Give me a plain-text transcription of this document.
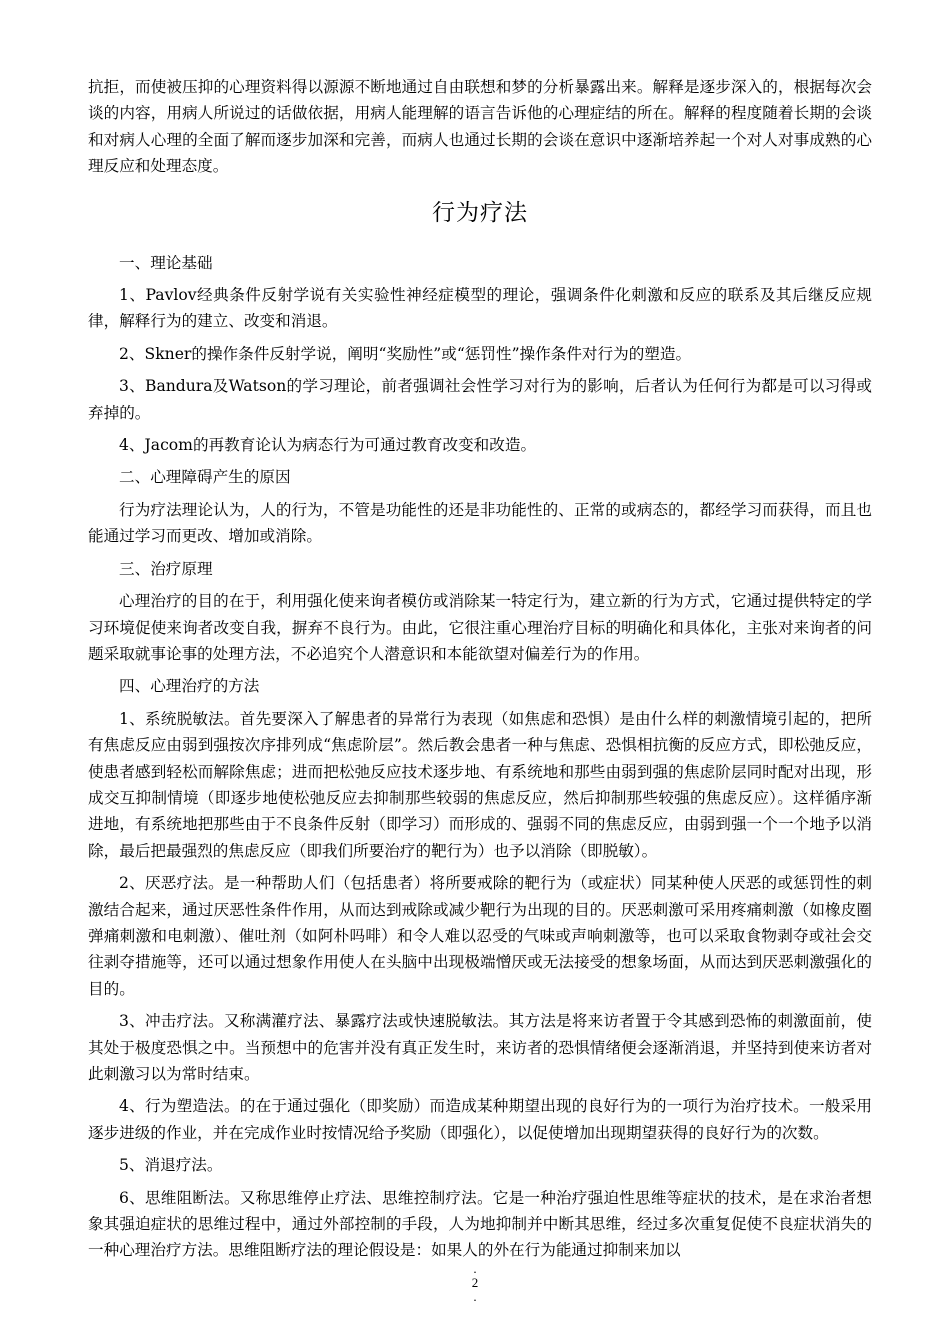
抗拒，而使被压抑的心理资料得以源源不断地通过自由联想和梦的分析暴露出来。解释是逐步深入的，根据每次会谈的内容，用病人所说过的话做依据，用病人能理解的语言告诉他的心理症结的所在。解释的程度随着长期的会谈和对病人心理的全面了解而逐步加深和完善，而病人也通过长期的会谈在意识中逐渐培养起一个对人对事成熟的心理反应和处理态度。

行为疗法

一、理论基础

1、Pavlov经典条件反射学说有关实验性神经症模型的理论，强调条件化刺激和反应的联系及其后继反应规律，解释行为的建立、改变和消退。

2、Skner的操作条件反射学说，阐明“奖励性”或“惩罚性”操作条件对行为的塑造。

3、Bandura及Watson的学习理论，前者强调社会性学习对行为的影响，后者认为任何行为都是可以习得或弃掉的。

4、Jacom的再教育论认为病态行为可通过教育改变和改造。

二、心理障碍产生的原因

行为疗法理论认为，人的行为，不管是功能性的还是非功能性的、正常的或病态的，都经学习而获得，而且也能通过学习而更改、增加或消除。

三、治疗原理

心理治疗的目的在于，利用强化使来询者模仿或消除某一特定行为，建立新的行为方式，它通过提供特定的学习环境促使来询者改变自我，摒弃不良行为。由此，它很注重心理治疗目标的明确化和具体化，主张对来询者的问题采取就事论事的处理方法，不必追究个人潜意识和本能欲望对偏差行为的作用。

四、心理治疗的方法

1、系统脱敏法。首先要深入了解患者的异常行为表现（如焦虑和恐惧）是由什么样的刺激情境引起的，把所有焦虑反应由弱到强按次序排列成“焦虑阶层”。然后教会患者一种与焦虑、恐惧相抗衡的反应方式，即松弛反应，使患者感到轻松而解除焦虑；进而把松弛反应技术逐步地、有系统地和那些由弱到强的焦虑阶层同时配对出现，形成交互抑制情境（即逐步地使松弛反应去抑制那些较弱的焦虑反应，然后抑制那些较强的焦虑反应）。这样循序渐进地，有系统地把那些由于不良条件反射（即学习）而形成的、强弱不同的焦虑反应，由弱到强一个一个地予以消除，最后把最强烈的焦虑反应（即我们所要治疗的靶行为）也予以消除（即脱敏）。

2、厌恶疗法。是一种帮助人们（包括患者）将所要戒除的靶行为（或症状）同某种使人厌恶的或惩罚性的刺激结合起来，通过厌恶性条件作用，从而达到戒除或减少靶行为出现的目的。厌恶刺激可采用疼痛刺激（如橡皮圈弹痛刺激和电刺激）、催吐剂（如阿朴吗啡）和令人难以忍受的气味或声响刺激等，也可以采取食物剥夺或社会交往剥夺措施等，还可以通过想象作用使人在头脑中出现极端憎厌或无法接受的想象场面，从而达到厌恶刺激强化的目的。

3、冲击疗法。又称满灌疗法、暴露疗法或快速脱敏法。其方法是将来访者置于令其感到恐怖的刺激面前，使其处于极度恐惧之中。当预想中的危害并没有真正发生时，来访者的恐惧情绪便会逐渐消退，并坚持到使来访者对此刺激习以为常时结束。

4、行为塑造法。的在于通过强化（即奖励）而造成某种期望出现的良好行为的一项行为治疗技术。一般采用逐步进级的作业，并在完成作业时按情况给予奖励（即强化），以促使增加出现期望获得的良好行为的次数。

5、消退疗法。

6、思维阻断法。又称思维停止疗法、思维控制疗法。它是一种治疗强迫性思维等症状的技术，是在求治者想象其强迫症状的思维过程中，通过外部控制的手段，人为地抑制并中断其思维，经过多次重复促使不良症状消失的一种心理治疗方法。思维阻断疗法的理论假设是：如果人的外在行为能通过抑制来加以

.
2
.
